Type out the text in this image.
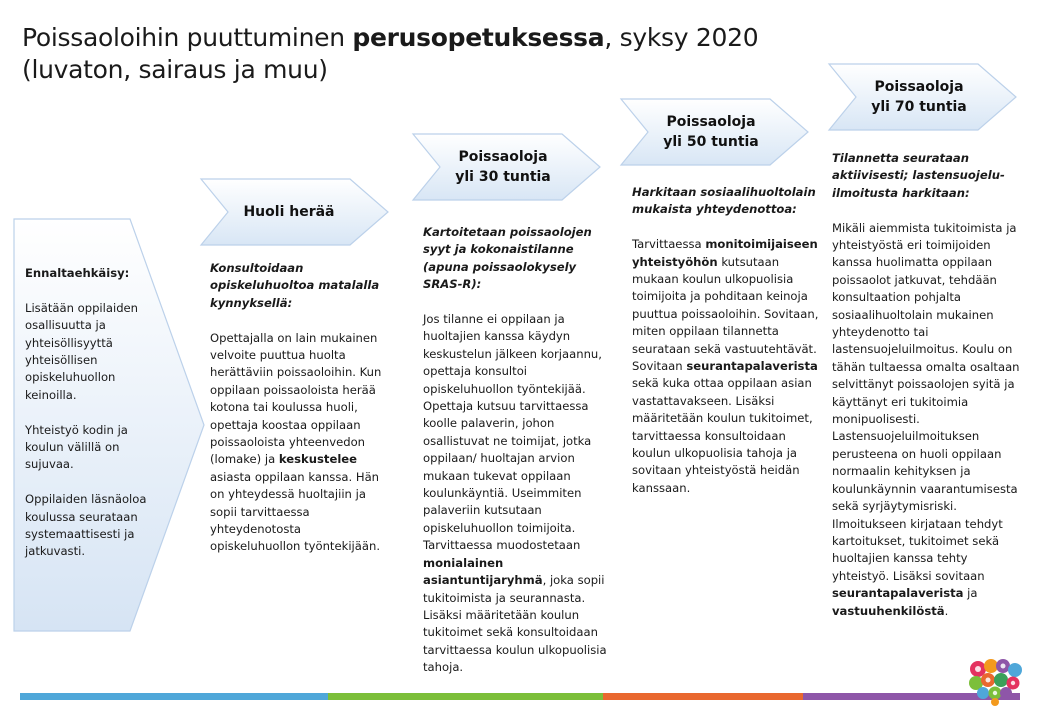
Poissaoloihin puuttuminen perusopetuksessa, syksy 2020
(luvaton, sairaus ja muu)
Huoli herää
Poissaoloja
yli 30 tuntia
Poissaoloja
yli 50 tuntia
Poissaoloja
yli 70 tuntia

Ennaltaehkäisy:

Lisätään oppilaiden osallisuutta ja yhteisöllisyyttä yhteisöllisen opiskeluhuollon keinoilla.

Yhteistyö kodin ja koulun välillä on sujuvaa.

Oppilaiden läsnäoloa koulussa seurataan systemaattisesti ja jatkuvasti.

Konsultoidaan opiskeluhuoltoa matalalla kynnyksellä:

Opettajalla on lain mukainen velvoite puuttua huolta herättäviin poissaoloihin. Kun oppilaan poissaoloista herää kotona tai koulussa huoli, opettaja koostaa oppilaan poissaoloista yhteenvedon (lomake) ja keskustelee asiasta oppilaan kanssa. Hän on yhteydessä huoltajiin ja sopii tarvittaessa yhteydenotosta opiskeluhuollon työntekijään.

Kartoitetaan poissaolojen syyt ja kokonaistilanne (apuna poissaolokysely SRAS-R):

Jos tilanne ei oppilaan ja huoltajien kanssa käydyn keskustelun jälkeen korjaannu, opettaja konsultoi opiskeluhuollon työntekijää. Opettaja kutsuu tarvittaessa koolle palaverin, johon osallistuvat ne toimijat, jotka oppilaan/ huoltajan arvion mukaan tukevat oppilaan koulunkäyntiä. Useimmiten palaveriin kutsutaan opiskeluhuollon toimijoita. Tarvittaessa muodostetaan monialainen asiantuntijaryhmä, joka sopii tukitoimista ja seurannasta. Lisäksi määritetään koulun tukitoimet sekä konsultoidaan tarvittaessa koulun ulkopuolisia tahoja.

Harkitaan sosiaalihuoltolain mukaista yhteydenottoa:

Tarvittaessa monitoimijaiseen yhteistyöhön kutsutaan mukaan koulun ulkopuolisia toimijoita ja pohditaan keinoja puuttua poissaoloihin. Sovitaan, miten oppilaan tilannetta seurataan sekä vastuutehtävät. Sovitaan seurantapalaverista sekä kuka ottaa oppilaan asian vastattavakseen. Lisäksi määritetään koulun tukitoimet, tarvittaessa konsultoidaan koulun ulkopuolisia tahoja ja sovitaan yhteistyöstä heidän kanssaan.

Tilannetta seurataan aktiivisesti; lastensuojelu-ilmoitusta harkitaan:

Mikäli aiemmista tukitoimista ja yhteistyöstä eri toimijoiden kanssa huolimatta oppilaan poissaolot jatkuvat, tehdään konsultaation pohjalta sosiaalihuoltolain mukainen yhteydenotto tai lastensuojeluilmoitus. Koulu on tähän tultaessa omalta osaltaan selvittänyt poissaolojen syitä ja käyttänyt eri tukitoimia monipuolisesti. Lastensuojeluilmoituksen perusteena on huoli oppilaan normaalin kehityksen ja koulunkäynnin vaarantumisesta sekä syrjäytymisriski. Ilmoitukseen kirjataan tehdyt kartoitukset, tukitoimet sekä huoltajien kanssa tehty yhteistyö. Lisäksi sovitaan seurantapalaverista ja vastuuhenkilöstä.
